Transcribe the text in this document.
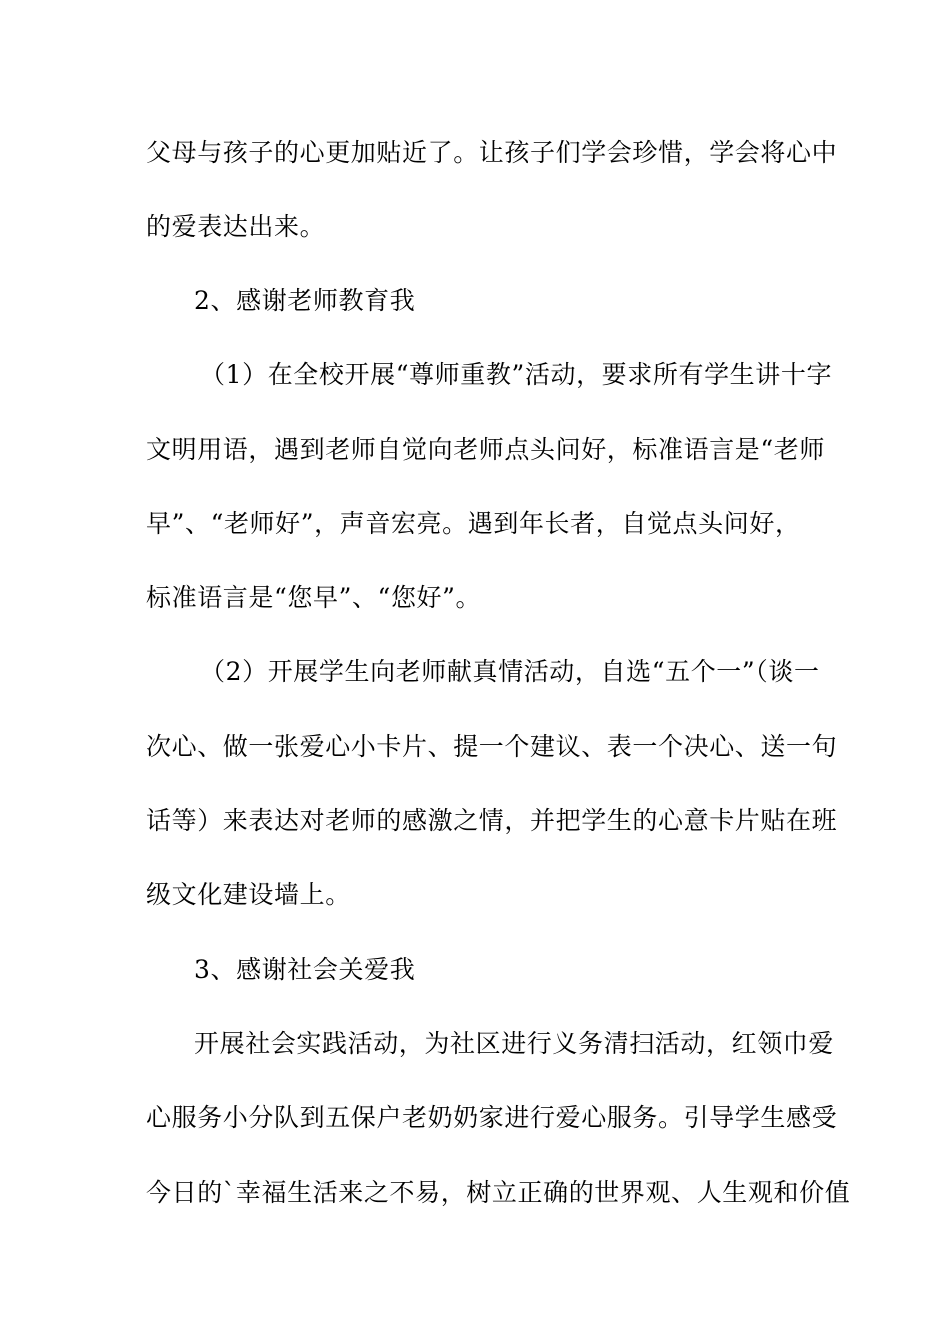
父母与孩子的心更加贴近了。让孩子们学会珍惜，学会将心中
的爱表达出来。
2、感谢老师教育我
（1）在全校开展“尊师重教”活动，要求所有学生讲十字
文明用语，遇到老师自觉向老师点头问好，标准语言是“老师
早”、“老师好”，声音宏亮。遇到年长者，自觉点头问好，
标准语言是“您早”、“您好”。
（2）开展学生向老师献真情活动，自选“五个一”（谈一
次心、做一张爱心小卡片、提一个建议、表一个决心、送一句
话等）来表达对老师的感激之情，并把学生的心意卡片贴在班
级文化建设墙上。
3、感谢社会关爱我
开展社会实践活动，为社区进行义务清扫活动，红领巾爱
心服务小分队到五保户老奶奶家进行爱心服务。引导学生感受
今日的`幸福生活来之不易，树立正确的世界观、人生观和价值
